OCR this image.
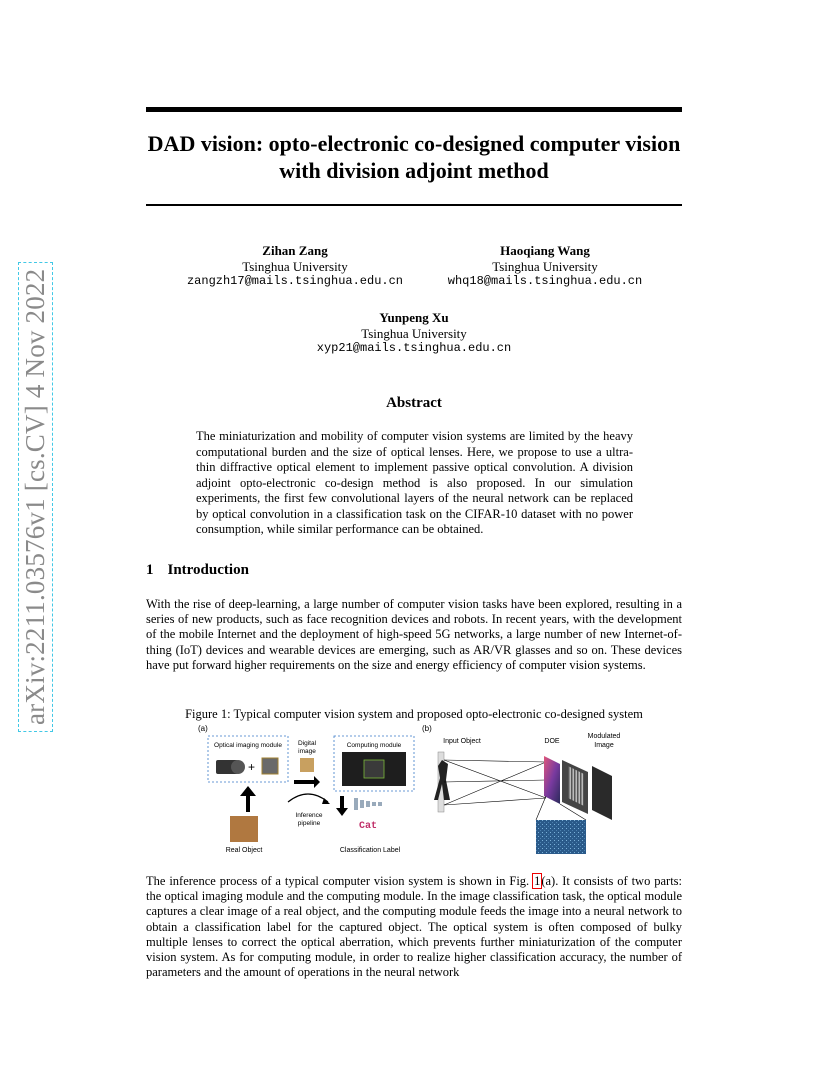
arXiv:2211.03576v1 [cs.CV] 4 Nov 2022
DAD vision: opto-electronic co-designed computer vision with division adjoint method
Zihan Zang
Tsinghua University
zangzh17@mails.tsinghua.edu.cn
Haoqiang Wang
Tsinghua University
whq18@mails.tsinghua.edu.cn
Yunpeng Xu
Tsinghua University
xyp21@mails.tsinghua.edu.cn
Abstract

The miniaturization and mobility of computer vision systems are limited by the heavy computational burden and the size of optical lenses. Here, we propose to use a ultra-thin diffractive optical element to implement passive optical convolution. A division adjoint opto-electronic co-design method is also proposed. In our simulation experiments, the first few convolutional layers of the neural network can be replaced by optical convolution in a classification task on the CIFAR-10 dataset with no power consumption, while similar performance can be obtained.

1 Introduction

With the rise of deep-learning, a large number of computer vision tasks have been explored, resulting in a series of new products, such as face recognition devices and robots. In recent years, with the development of the mobile Internet and the deployment of high-speed 5G networks, a large number of new Internet-of-thing (IoT) devices and wearable devices are emerging, such as AR/VR glasses and so on. These devices have put forward higher requirements on the size and energy efficiency of computer vision systems.

Figure 1: Typical computer vision system and proposed opto-electronic co-designed system

(a)
Optical imaging module
+
Digital
image
Computing module
Real Object
Inference
pipeline	Cat
Classification Label
(b)
Input Object	DOE
Modulated
Image

The inference process of a typical computer vision system is shown in Fig. 1(a). It consists of two parts: the optical imaging module and the computing module. In the image classification task, the optical module captures a clear image of a real object, and the computing module feeds the image into a neural network to obtain a classification label for the captured object. The optical system is often composed of bulky multiple lenses to correct the optical aberration, which prevents further miniaturization of the computer vision system. As for computing module, in order to realize higher classification accuracy, the number of parameters and the amount of operations in the neural network
